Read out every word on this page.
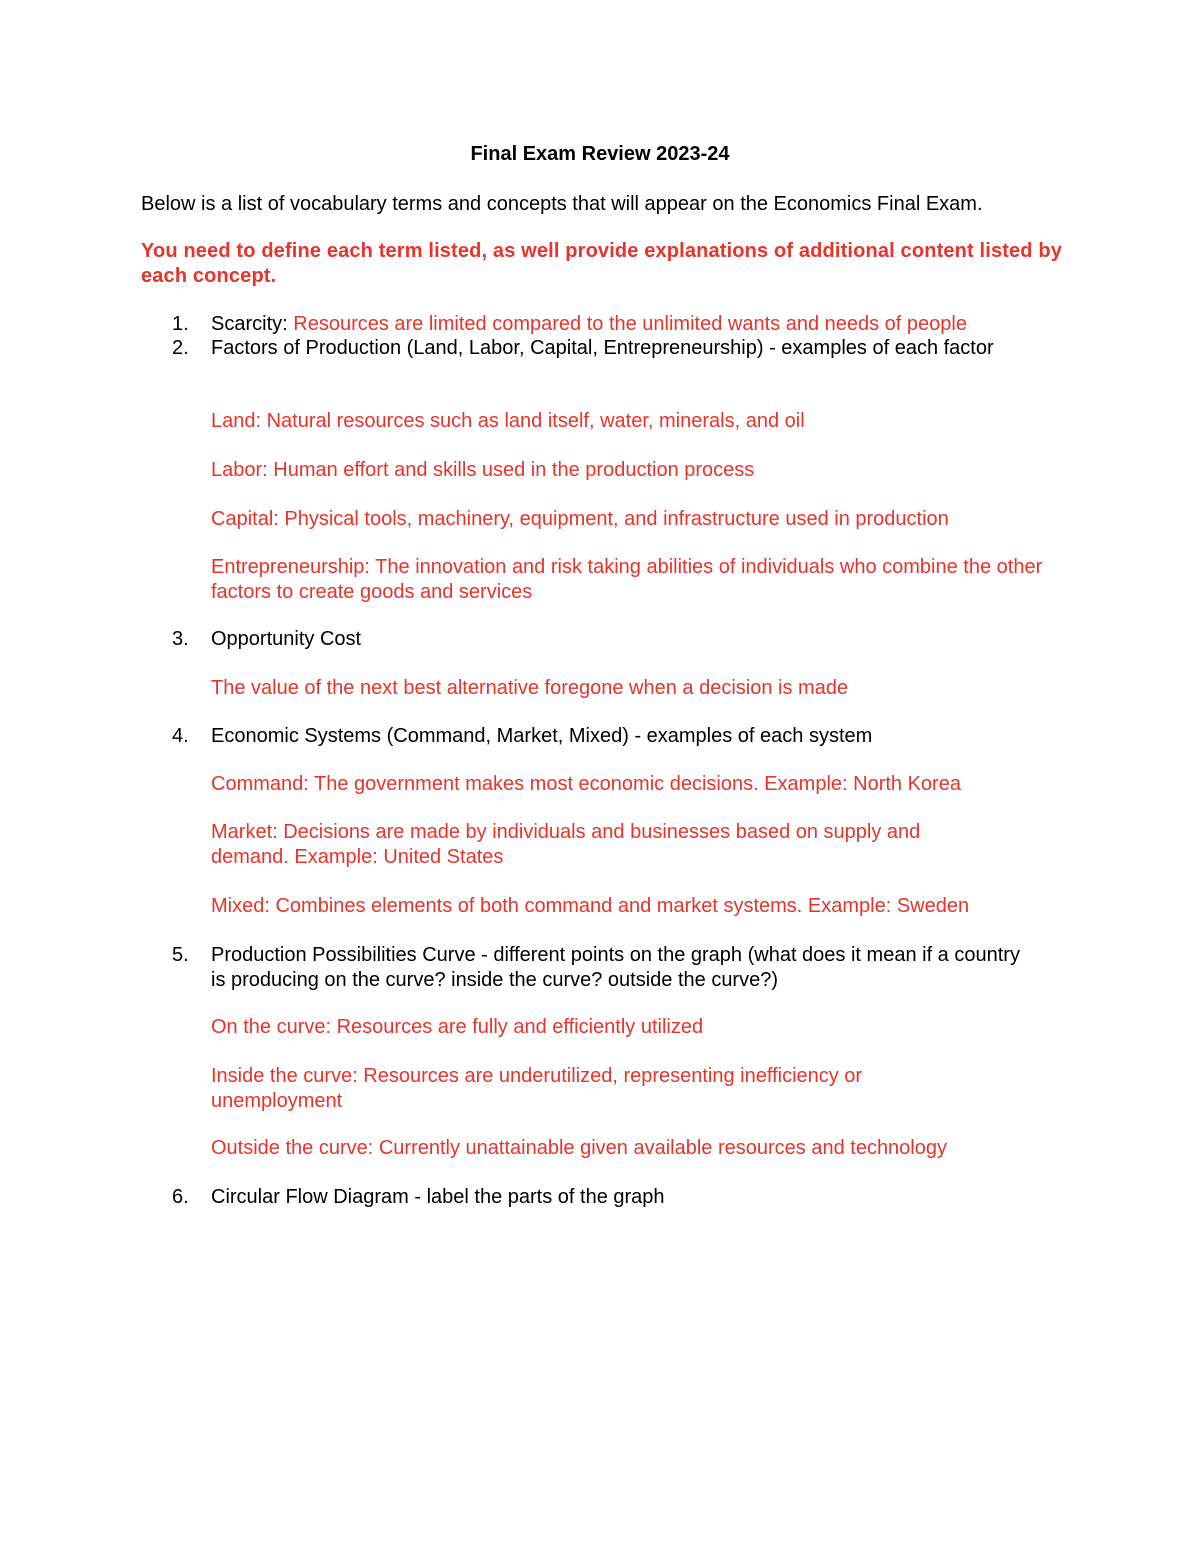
Final Exam Review 2023-24

Below is a list of vocabulary terms and concepts that will appear on the Economics Final Exam.

You need to define each term listed, as well provide explanations of additional content listed by each concept.

1.	Scarcity: Resources are limited compared to the unlimited wants and needs of people

2.	Factors of Production (Land, Labor, Capital, Entrepreneurship) - examples of each factor

Land: Natural resources such as land itself, water, minerals, and oil

Labor: Human effort and skills used in the production process

Capital: Physical tools, machinery, equipment, and infrastructure used in production

Entrepreneurship: The innovation and risk taking abilities of individuals who combine the other factors to create goods and services

3.	Opportunity Cost

The value of the next best alternative foregone when a decision is made

4.	Economic Systems (Command, Market, Mixed) - examples of each system

Command: The government makes most economic decisions. Example: North Korea

Market: Decisions are made by individuals and businesses based on supply and demand. Example: United States

Mixed: Combines elements of both command and market systems. Example: Sweden

5.	Production Possibilities Curve - different points on the graph (what does it mean if a country is producing on the curve? inside the curve? outside the curve?)

On the curve: Resources are fully and efficiently utilized

Inside the curve: Resources are underutilized, representing inefficiency or unemployment

Outside the curve: Currently unattainable given available resources and technology

6.	Circular Flow Diagram - label the parts of the graph
